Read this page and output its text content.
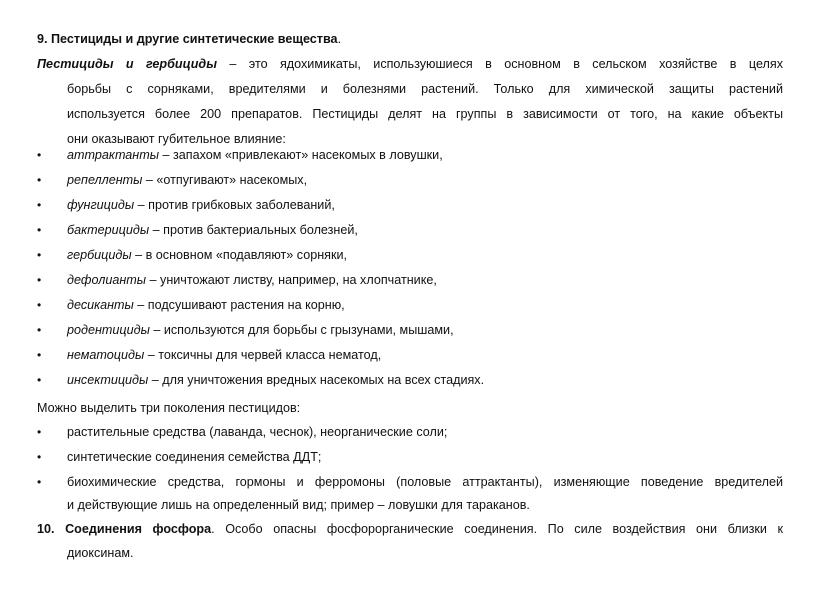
9. Пестициды и другие синтетические вещества.
Пестициды и гербициды – это ядохимикаты, используюшиеся в основном в сельском хозяйстве в целях
борьбы с сорняками, вредителями и болезнями растений. Только для химической защиты растений
используется более 200 препаратов. Пестициды делят на группы в зависимости от того, на какие объекты
они оказывают губительное влияние:
•	аттрактанты – запахом «привлекают» насекомых в ловушки,
•	репелленты – «отпугивают» насекомых,
•	фунгициды – против грибковых заболеваний,
•	бактерициды – против бактериальных болезней,
•	гербициды – в основном «подавляют» сорняки,
•	дефолианты – уничтожают листву, например, на хлопчатнике,
•	десиканты – подсушивают растения на корню,
•	родентициды – используются для борьбы с грызунами, мышами,
•	нематоциды – токсичны для червей класса нематод,
•	инсектициды – для уничтожения вредных насекомых на всех стадиях.
Можно выделить три поколения пестицидов:
•	растительные средства (лаванда, чеснок), неорганические соли;
•	синтетические соединения семейства ДДТ;
•	биохимические средства, гормоны и ферромоны (половые аттрактанты), изменяющие поведение вредителей
и действующие лишь на определенный вид; пример – ловушки для тараканов.
10. Соединения фосфора. Особо опасны фосфорорганические соединения. По силе воздействия они близки к
диоксинам.
